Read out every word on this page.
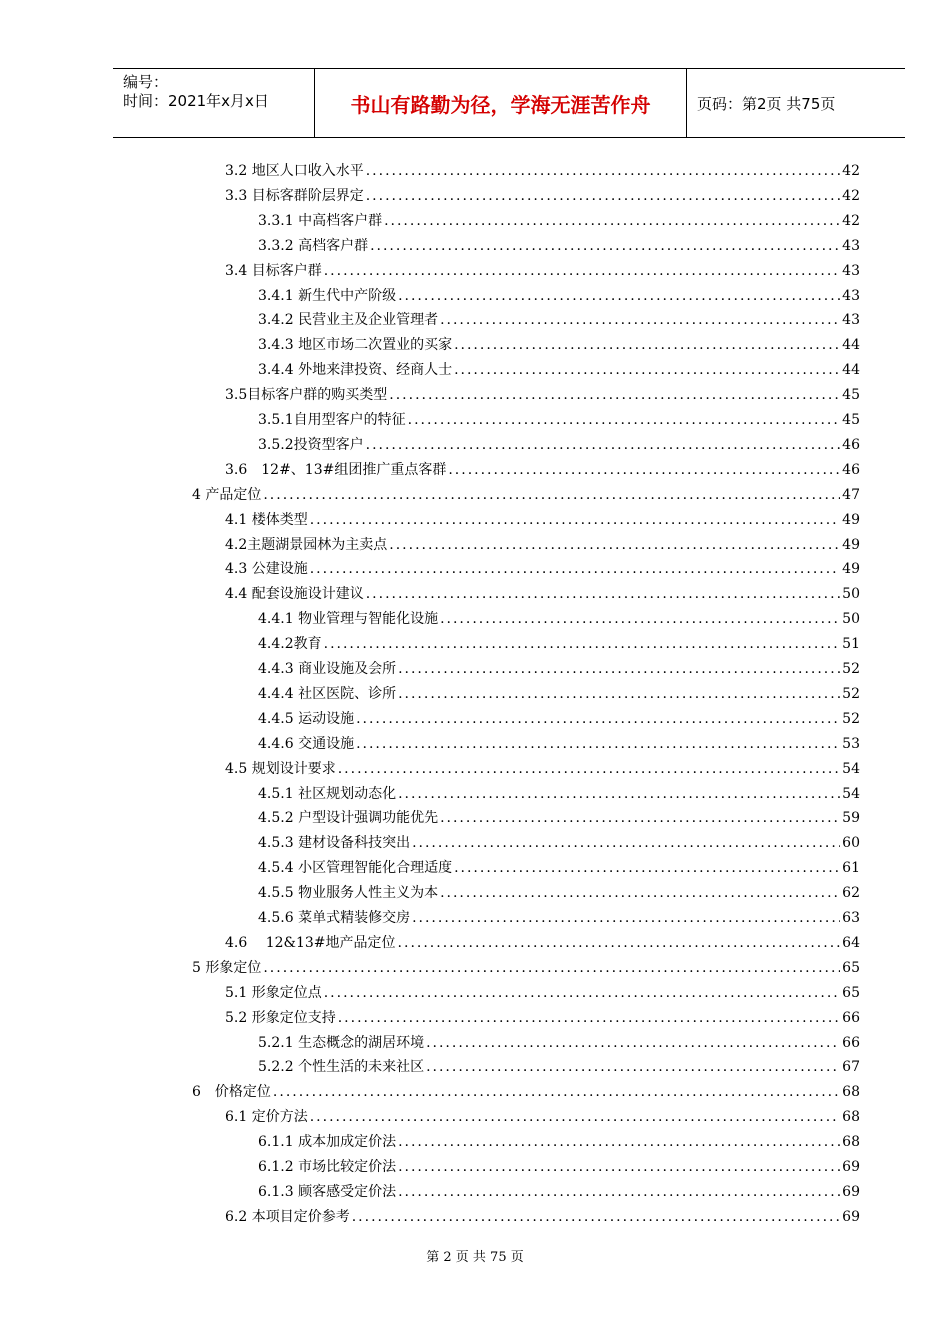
编号：
时间：2021年x月x日	书山有路勤为径，学海无涯苦作舟	页码：第2页 共75页
3.2 地区人口收入水平 .....	42
3.3 目标客群阶层界定 .....	42
3.3.1 中高档客户群 .....	42
3.3.2 高档客户群 .....	43
3.4 目标客户群 .....	43
3.4.1 新生代中产阶级 .....	43
3.4.2 民营业主及企业管理者 .....	43
3.4.3 地区市场二次置业的买家 .....	44
3.4.4 外地来津投资、经商人士 .....	44
3.5目标客户群的购买类型 .....	45
3.5.1自用型客户的特征 .....	45
3.5.2投资型客户 .....	46
3.6　12#、13#组团推广重点客群 .....	46
4 产品定位 .....	47
4.1 楼体类型 .....	49
4.2主题湖景园林为主卖点 .....	49
4.3 公建设施 .....	49
4.4 配套设施设计建议 .....	50
4.4.1 物业管理与智能化设施 .....	50
4.4.2教育 .....	51
4.4.3 商业设施及会所 .....	52
4.4.4 社区医院、诊所 .....	52
4.4.5 运动设施 .....	52
4.4.6 交通设施 .....	53
4.5 规划设计要求 .....	54
4.5.1 社区规划动态化 .....	54
4.5.2 户型设计强调功能优先 .....	59
4.5.3 建材设备科技突出 .....	60
4.5.4 小区管理智能化合理适度 .....	61
4.5.5 物业服务人性主义为本 .....	62
4.5.6 菜单式精装修交房 .....	63
4.6　 12&13#地产品定位 .....	64
5 形象定位 .....	65
5.1 形象定位点 .....	65
5.2 形象定位支持 .....	66
5.2.1 生态概念的湖居环境 .....	66
5.2.2 个性生活的未来社区 .....	67
6　价格定位 .....	68
6.1 定价方法 .....	68
6.1.1 成本加成定价法 .....	68
6.1.2 市场比较定价法 .....	69
6.1.3 顾客感受定价法 .....	69
6.2 本项目定价参考 .....	69
第 2 页 共 75 页
